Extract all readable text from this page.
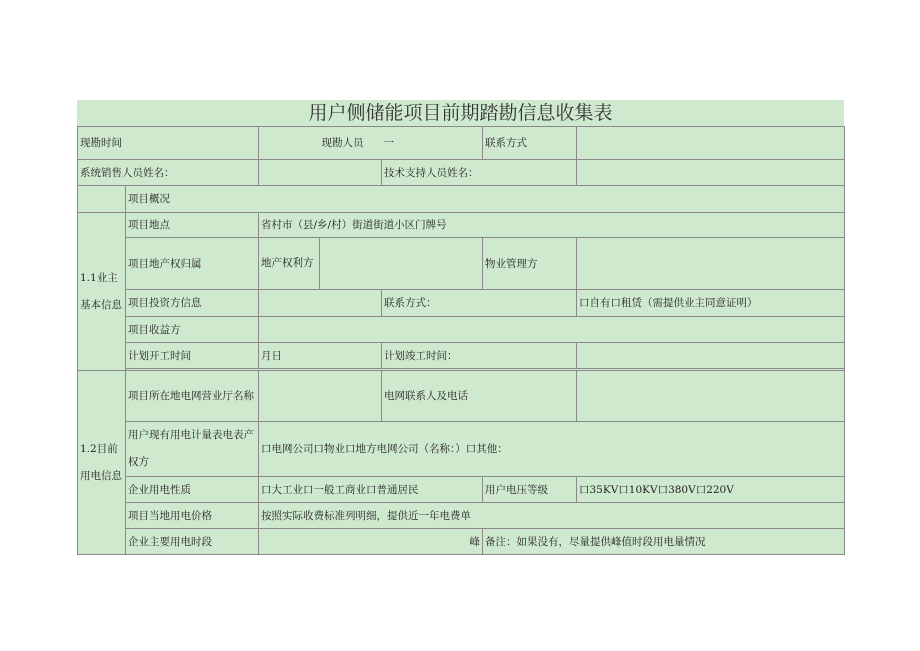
用户侧储能项目前期踏勘信息收集表
现勘时间			现勘人员	一	联系方式	
系统销售人员姓名：				技术支持人员姓名：		
	项目概况					
1.1业主基本信息	项目地点	省村市（县/乡/村）街道街道小区门牌号				
	项目地产权归属	地产权利方			物业管理方	
	项目投资方信息			联系方式：		口自有口租赁（需提供业主同意证明）
	项目收益方					
	计划开工时间	月日		计划竣工时间：		

1.2目前用电信息	项目所在地电网营业厅名称			电网联系人及电话		
	用户现有用电计量表电表产权方	口电网公司口物业口地方电网公司（名称：）口其他：				
	企业用电性质	口大工业口一般工商业口普通居民			用户电压等级	口35KV口10KV口380V口220V
	项目当地用电价格	按照实际收费标准列明细，提供近一年电费单				
	企业主要用电时段	峰			备注：如果没有，尽量提供峰值时段用电量情况	
